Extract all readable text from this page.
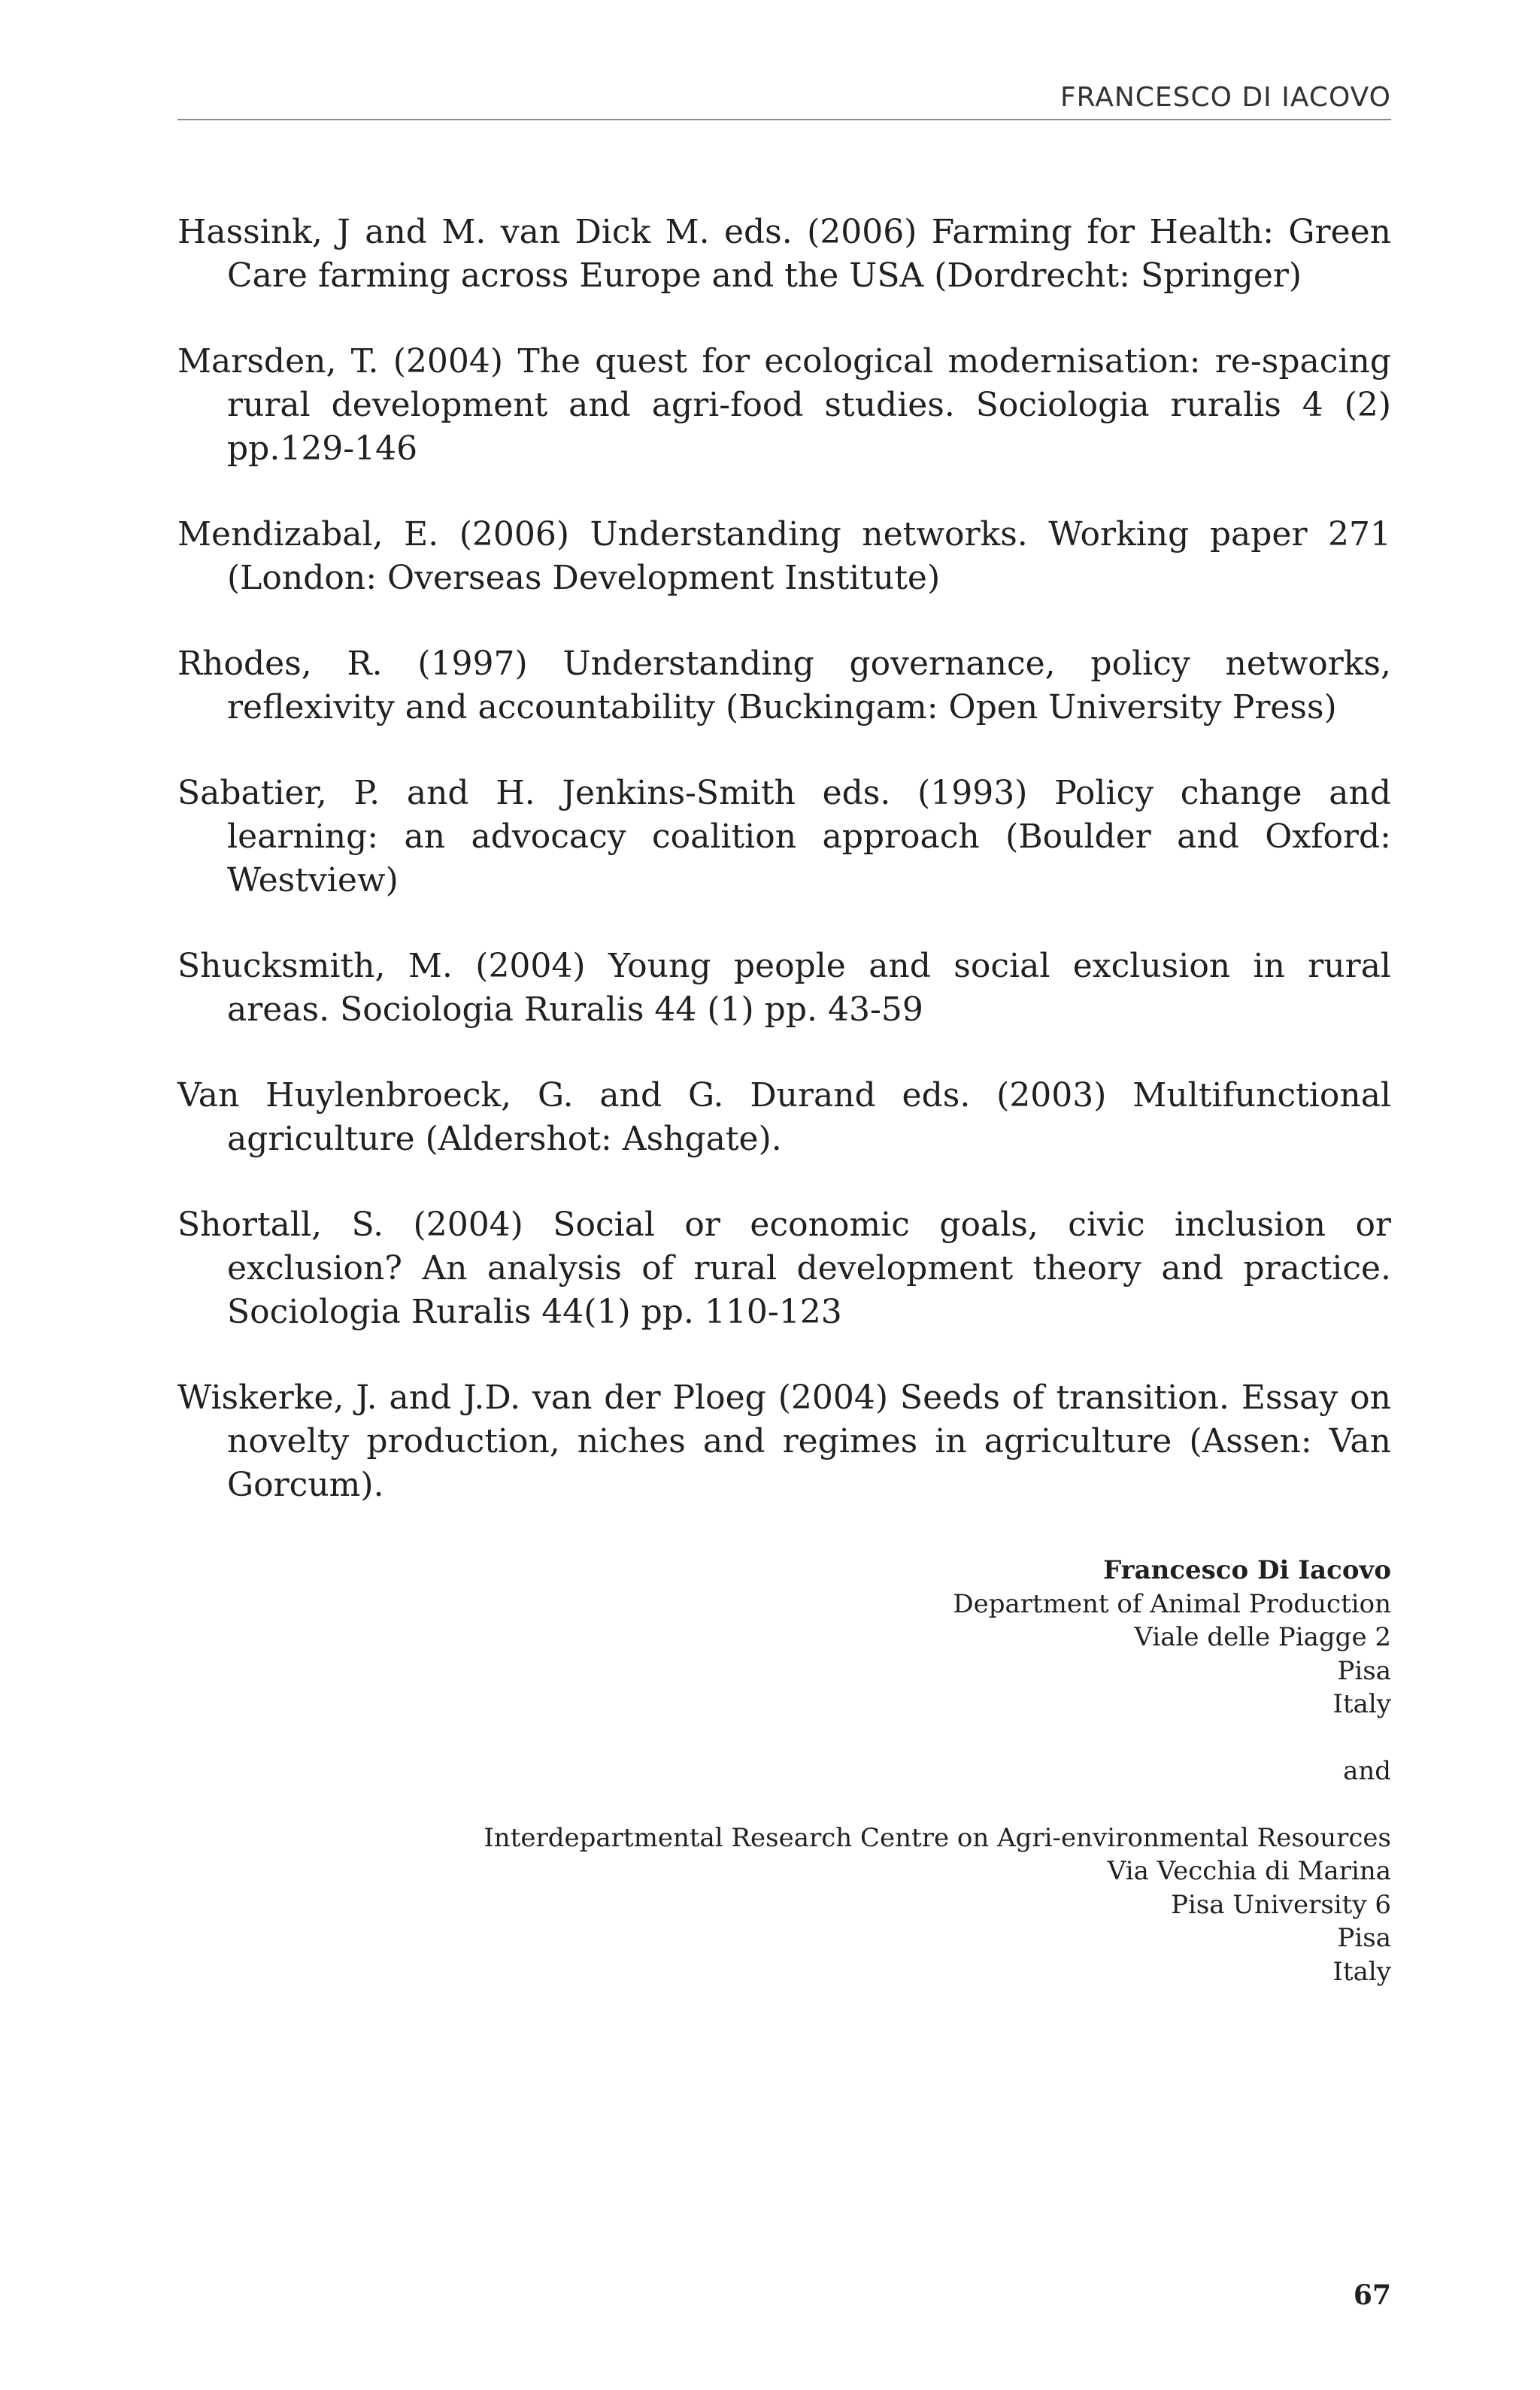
FRANCESCO DI IACOVO
Hassink, J and M. van Dick M. eds. (2006) Farming for Health: Green Care farming across Europe and the USA (Dordrecht: Springer)
Marsden, T. (2004) The quest for ecological modernisation: re-spacing rural development and agri-food studies. Sociologia ruralis 4 (2) pp.129-146
Mendizabal, E. (2006) Understanding networks. Working paper 271 (London: Overseas Development Institute)
Rhodes, R. (1997) Understanding governance, policy networks, reflexivity and accountability (Buckingam: Open University Press)
Sabatier, P. and H. Jenkins-Smith eds. (1993) Policy change and learning: an advocacy coalition approach (Boulder and Oxford: Westview)
Shucksmith, M. (2004) Young people and social exclusion in rural areas. Sociologia Ruralis 44 (1) pp. 43-59
Van Huylenbroeck, G. and G. Durand eds. (2003) Multifunctional agriculture (Aldershot: Ashgate).
Shortall, S. (2004) Social or economic goals, civic inclusion or exclusion? An analysis of rural development theory and practice. Sociologia Ruralis 44(1) pp. 110-123
Wiskerke, J. and J.D. van der Ploeg (2004) Seeds of transition. Essay on novelty production, niches and regimes in agriculture (Assen: Van Gorcum).
Francesco Di Iacovo
Department of Animal Production
Viale delle Piagge 2
Pisa
Italy
and
Interdepartmental Research Centre on Agri-environmental Resources
Via Vecchia di Marina
Pisa University 6
Pisa
Italy
67
